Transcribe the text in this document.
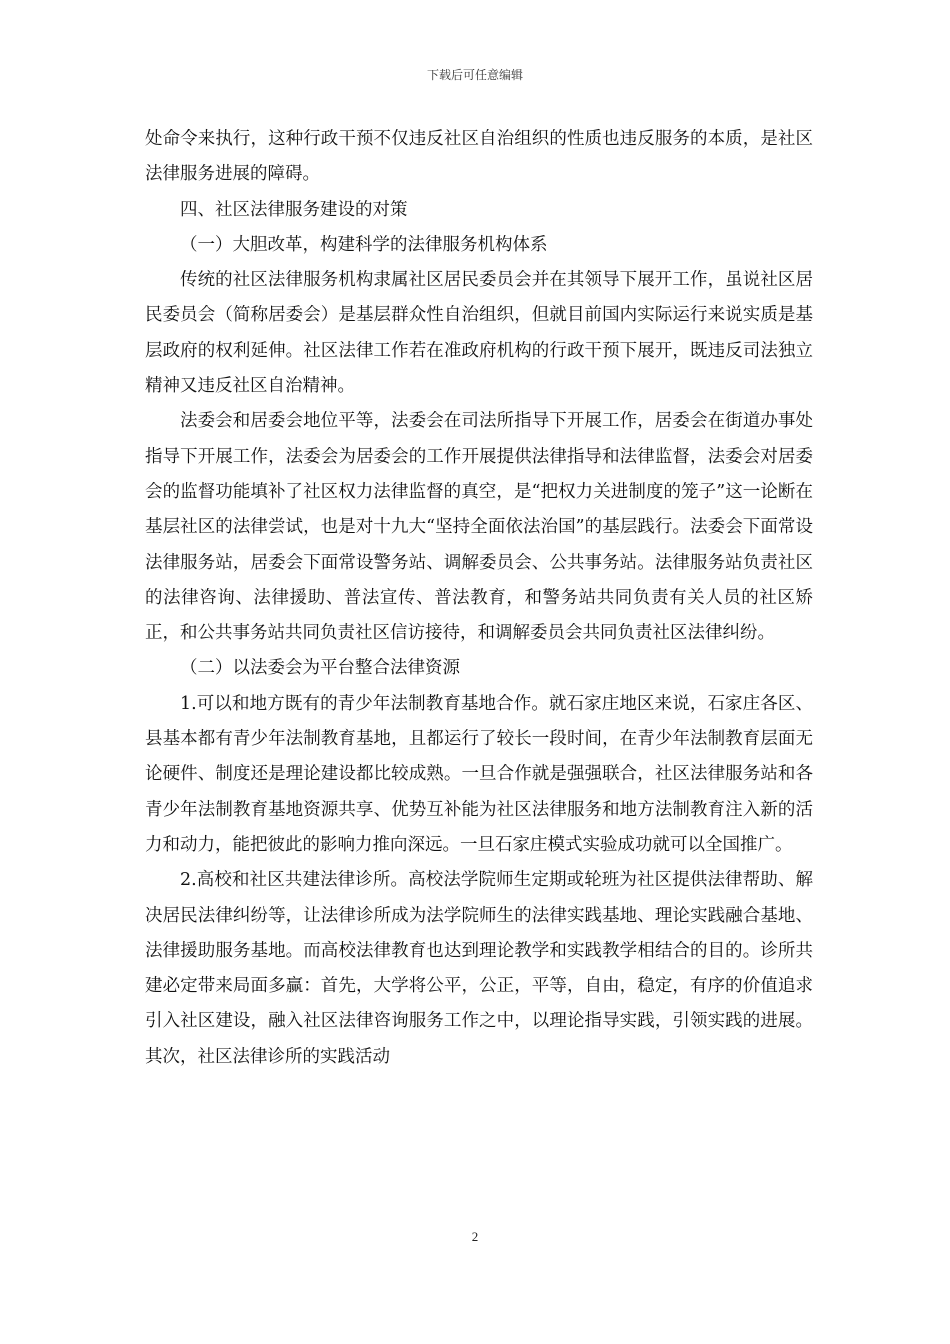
下载后可任意编辑

处命令来执行，这种行政干预不仅违反社区自治组织的性质也违反服务的本质，是社区法律服务进展的障碍。

四、社区法律服务建设的对策

（一）大胆改革，构建科学的法律服务机构体系

传统的社区法律服务机构隶属社区居民委员会并在其领导下展开工作，虽说社区居民委员会（简称居委会）是基层群众性自治组织，但就目前国内实际运行来说实质是基层政府的权利延伸。社区法律工作若在准政府机构的行政干预下展开，既违反司法独立精神又违反社区自治精神。

法委会和居委会地位平等，法委会在司法所指导下开展工作，居委会在街道办事处指导下开展工作，法委会为居委会的工作开展提供法律指导和法律监督，法委会对居委会的监督功能填补了社区权力法律监督的真空，是“把权力关进制度的笼子”这一论断在基层社区的法律尝试，也是对十九大“坚持全面依法治国”的基层践行。法委会下面常设法律服务站，居委会下面常设警务站、调解委员会、公共事务站。法律服务站负责社区的法律咨询、法律援助、普法宣传、普法教育，和警务站共同负责有关人员的社区矫正，和公共事务站共同负责社区信访接待，和调解委员会共同负责社区法律纠纷。

（二）以法委会为平台整合法律资源

1.可以和地方既有的青少年法制教育基地合作。就石家庄地区来说，石家庄各区、县基本都有青少年法制教育基地，且都运行了较长一段时间，在青少年法制教育层面无论硬件、制度还是理论建设都比较成熟。一旦合作就是强强联合，社区法律服务站和各青少年法制教育基地资源共享、优势互补能为社区法律服务和地方法制教育注入新的活力和动力，能把彼此的影响力推向深远。一旦石家庄模式实验成功就可以全国推广。

2.高校和社区共建法律诊所。高校法学院师生定期或轮班为社区提供法律帮助、解决居民法律纠纷等，让法律诊所成为法学院师生的法律实践基地、理论实践融合基地、法律援助服务基地。而高校法律教育也达到理论教学和实践教学相结合的目的。诊所共建必定带来局面多赢：首先，大学将公平，公正，平等，自由，稳定，有序的价值追求引入社区建设，融入社区法律咨询服务工作之中，以理论指导实践，引领实践的进展。其次，社区法律诊所的实践活动

2
